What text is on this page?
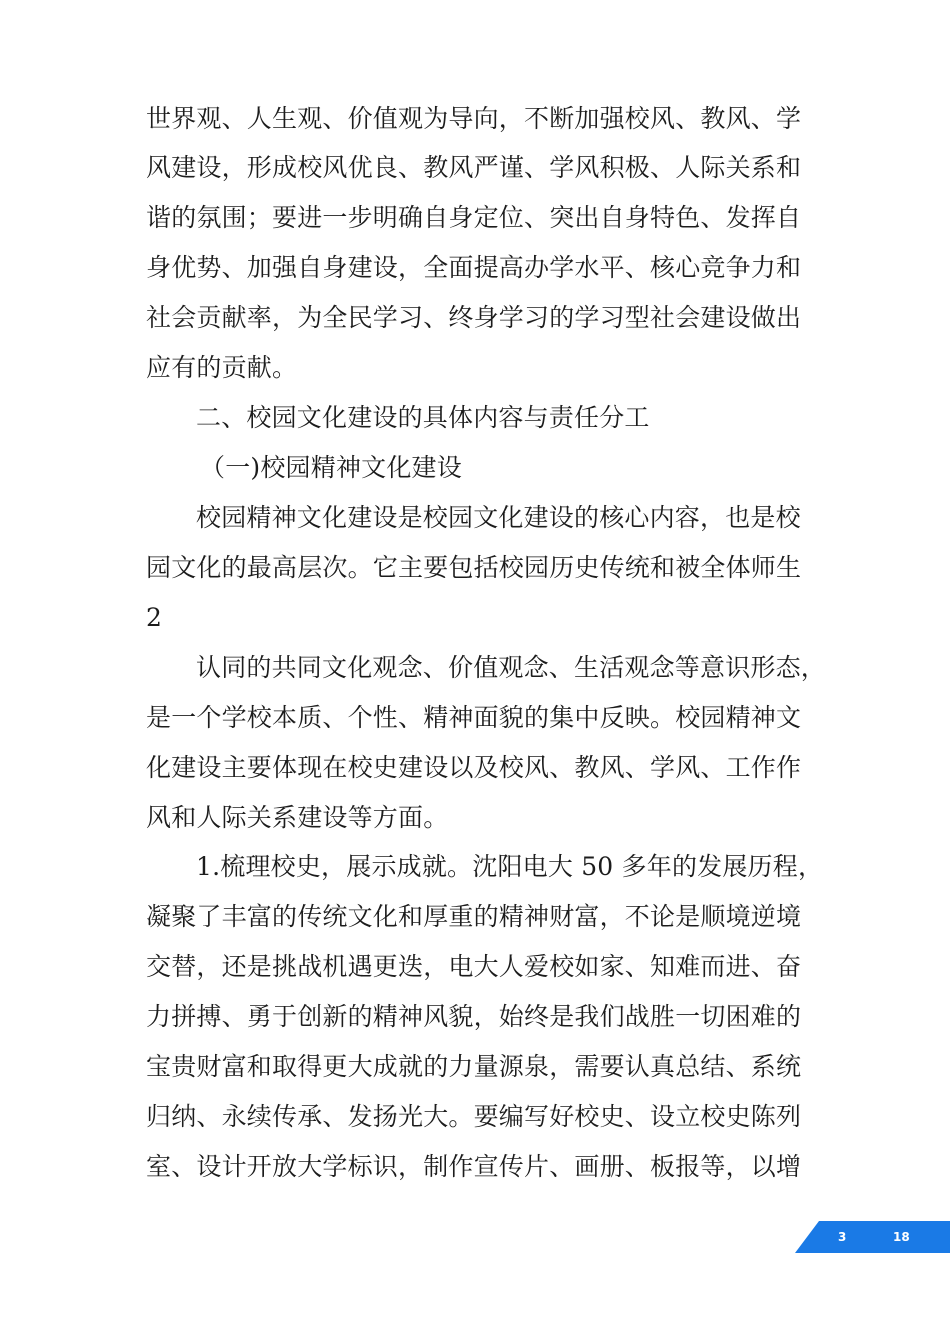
世界观、人生观、价值观为导向，不断加强校风、教风、学
风建设，形成校风优良、教风严谨、学风积极、人际关系和
谐的氛围；要进一步明确自身定位、突出自身特色、发挥自
身优势、加强自身建设，全面提高办学水平、核心竞争力和
社会贡献率，为全民学习、终身学习的学习型社会建设做出
应有的贡献。
二、校园文化建设的具体内容与责任分工
（一)校园精神文化建设
校园精神文化建设是校园文化建设的核心内容，也是校
园文化的最高层次。它主要包括校园历史传统和被全体师生
2
认同的共同文化观念、价值观念、生活观念等意识形态，
是一个学校本质、个性、精神面貌的集中反映。校园精神文
化建设主要体现在校史建设以及校风、教风、学风、工作作
风和人际关系建设等方面。
1.梳理校史，展示成就。沈阳电大 50 多年的发展历程，
凝聚了丰富的传统文化和厚重的精神财富，不论是顺境逆境
交替，还是挑战机遇更迭，电大人爱校如家、知难而进、奋
力拼搏、勇于创新的精神风貌，始终是我们战胜一切困难的
宝贵财富和取得更大成就的力量源泉，需要认真总结、系统
归纳、永续传承、发扬光大。要编写好校史、设立校史陈列
室、设计开放大学标识，制作宣传片、画册、板报等，以增
3	18
